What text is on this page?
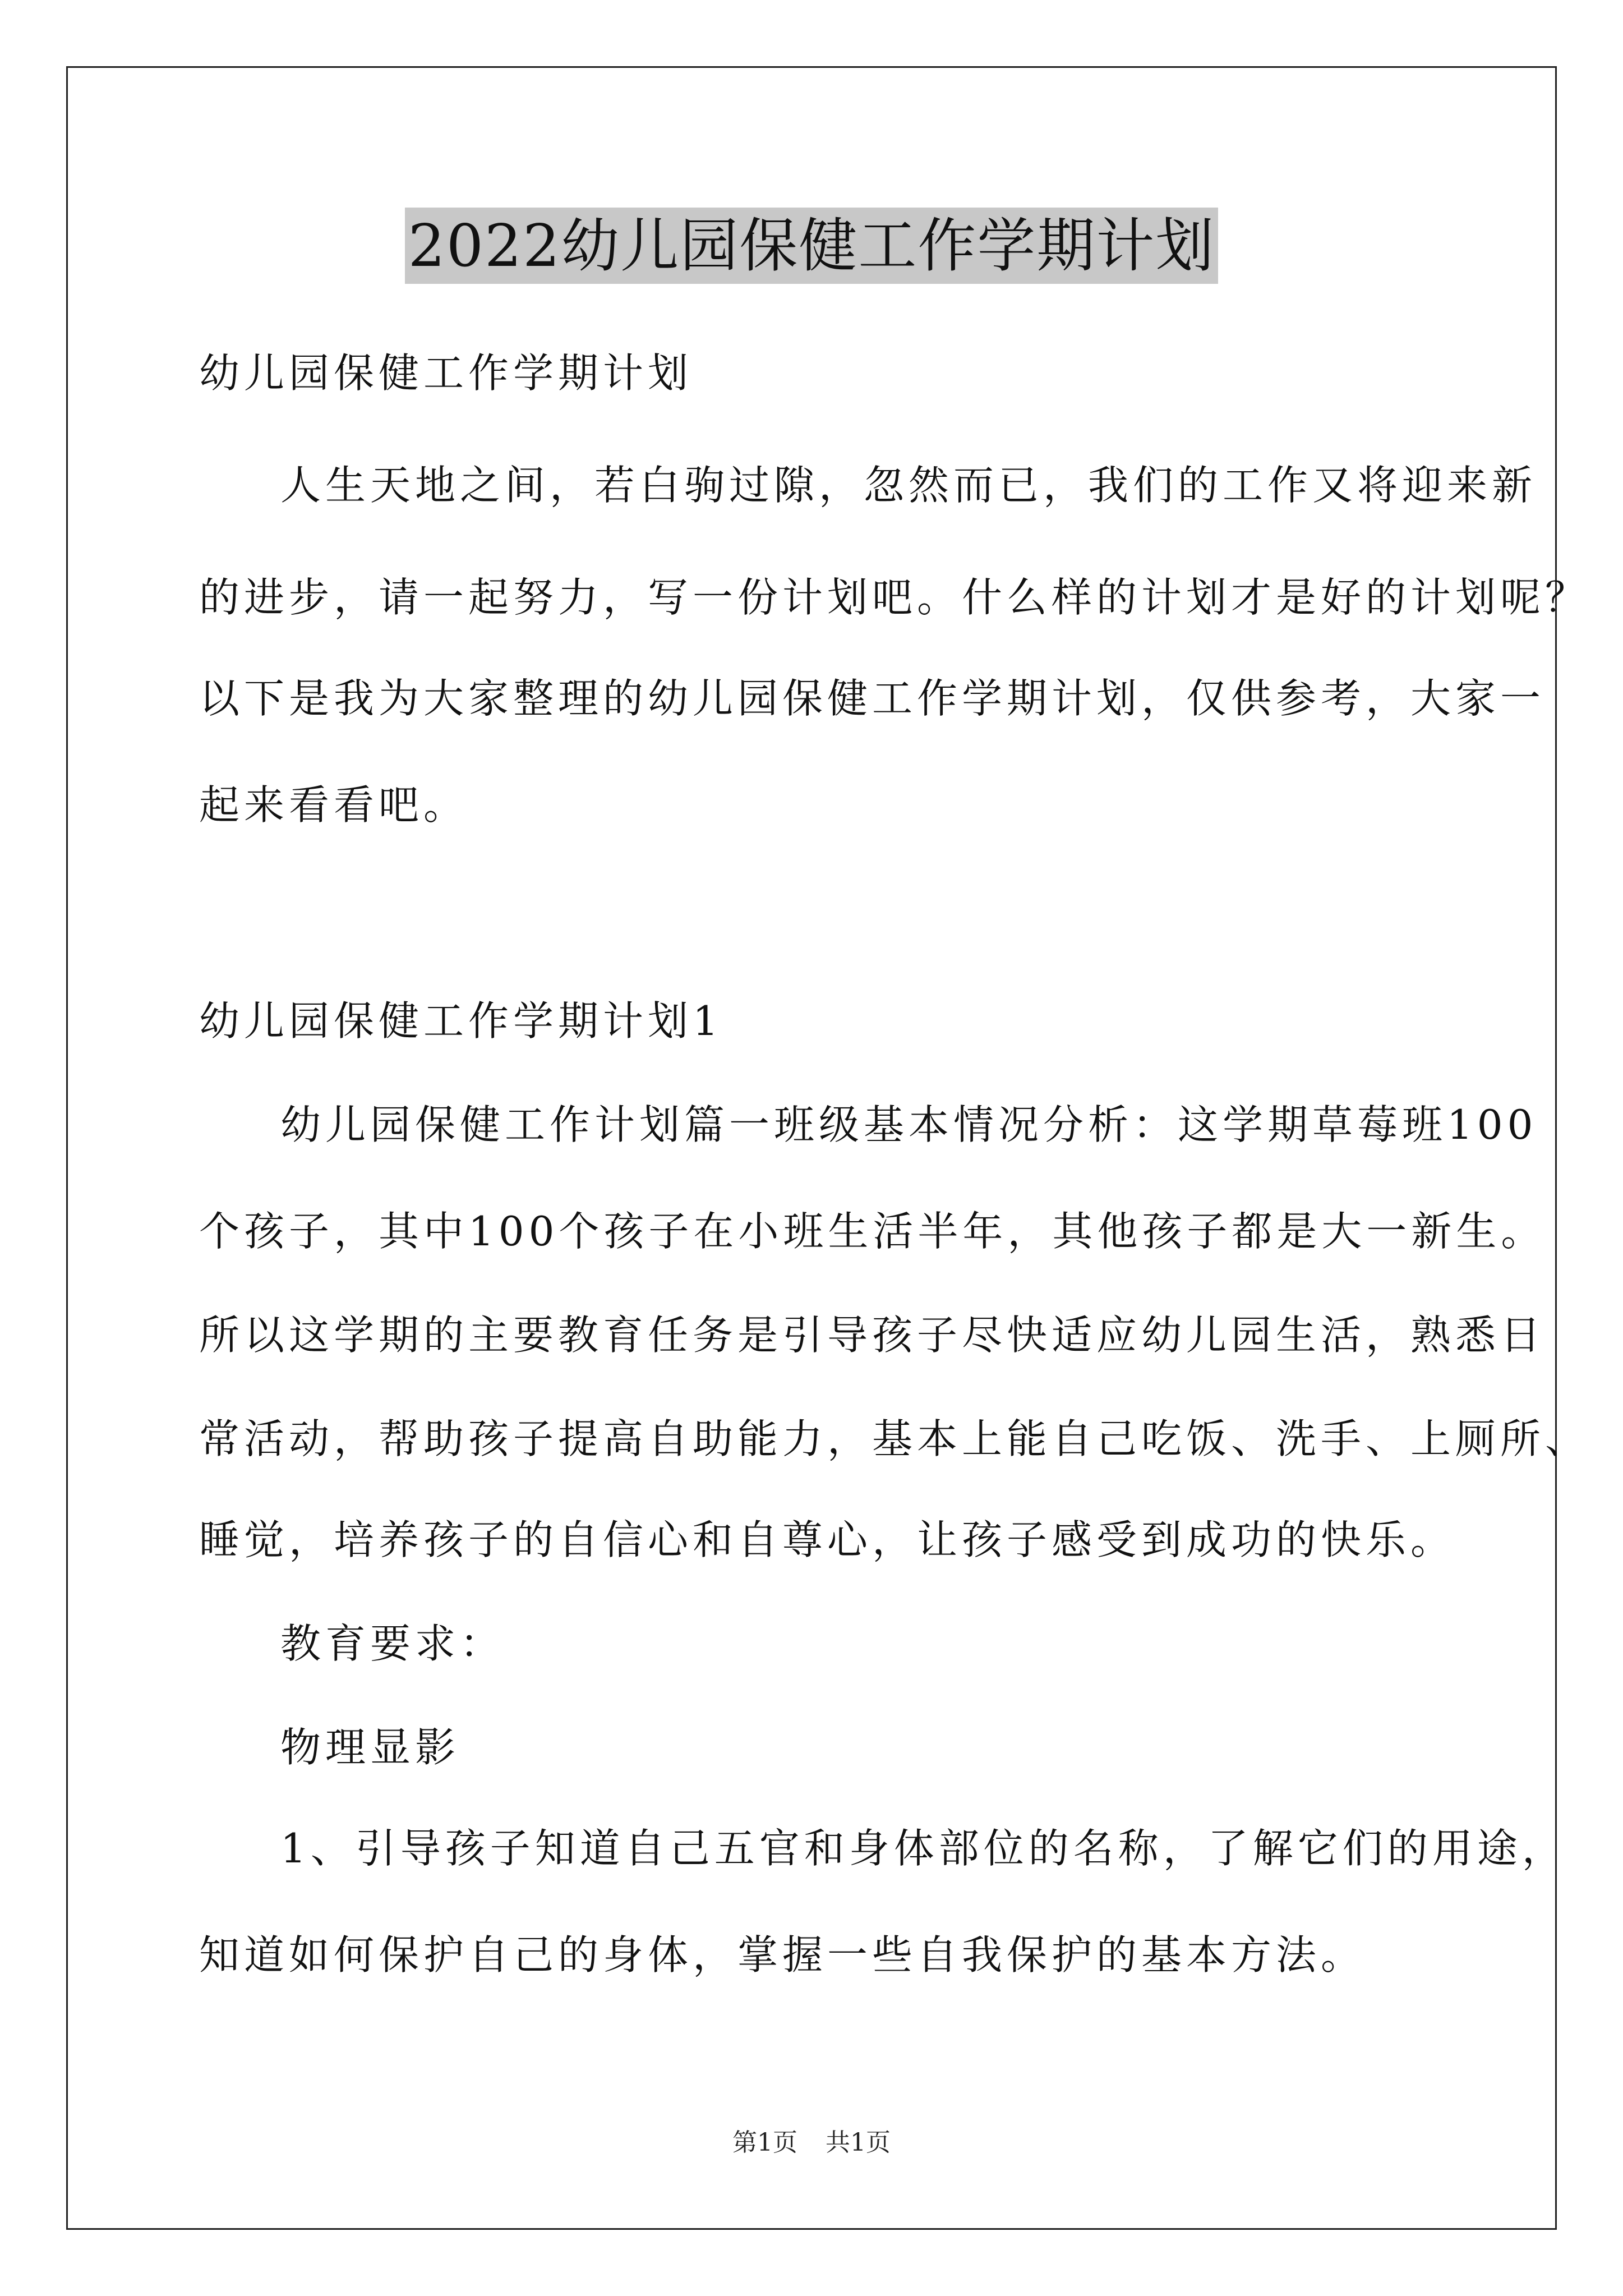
2022幼儿园保健工作学期计划
幼儿园保健工作学期计划
人生天地之间，若白驹过隙，忽然而已，我们的工作又将迎来新
的进步，请一起努力，写一份计划吧。什么样的计划才是好的计划呢？
以下是我为大家整理的幼儿园保健工作学期计划，仅供参考，大家一
起来看看吧。
幼儿园保健工作学期计划1
幼儿园保健工作计划篇一班级基本情况分析：这学期草莓班100
个孩子，其中100个孩子在小班生活半年，其他孩子都是大一新生。
所以这学期的主要教育任务是引导孩子尽快适应幼儿园生活，熟悉日
常活动，帮助孩子提高自助能力，基本上能自己吃饭、洗手、上厕所、
睡觉，培养孩子的自信心和自尊心，让孩子感受到成功的快乐。
教育要求：
物理显影
1、引导孩子知道自己五官和身体部位的名称，了解它们的用途，
知道如何保护自己的身体，掌握一些自我保护的基本方法。
第1页 共1页
